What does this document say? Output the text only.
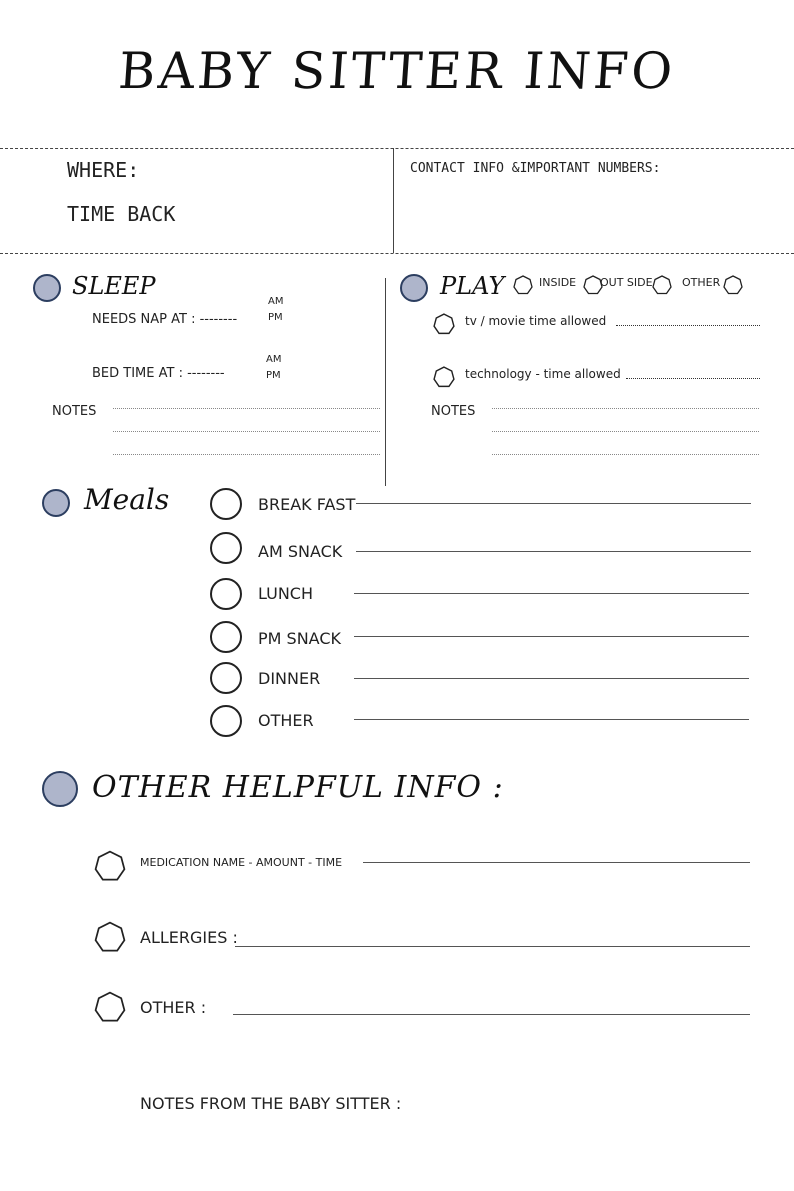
BABY SITTER INFO
WHERE:
TIME BACK
CONTACT INFO &IMPORTANT NUMBERS:
SLEEP
NEEDS NAP AT : --------
AM
PM
BED TIME AT : --------
AM
PM
NOTES
PLAY	INSIDE OUT SIDE	OTHER
tv / movie time allowed
technology - time allowed
NOTES
Meals	BREAK FAST
AM SNACK
LUNCH
PM SNACK
DINNER
OTHER
OTHER HELPFUL INFO :
MEDICATION NAME - AMOUNT - TIME
ALLERGIES :
OTHER :
NOTES FROM THE BABY SITTER :
